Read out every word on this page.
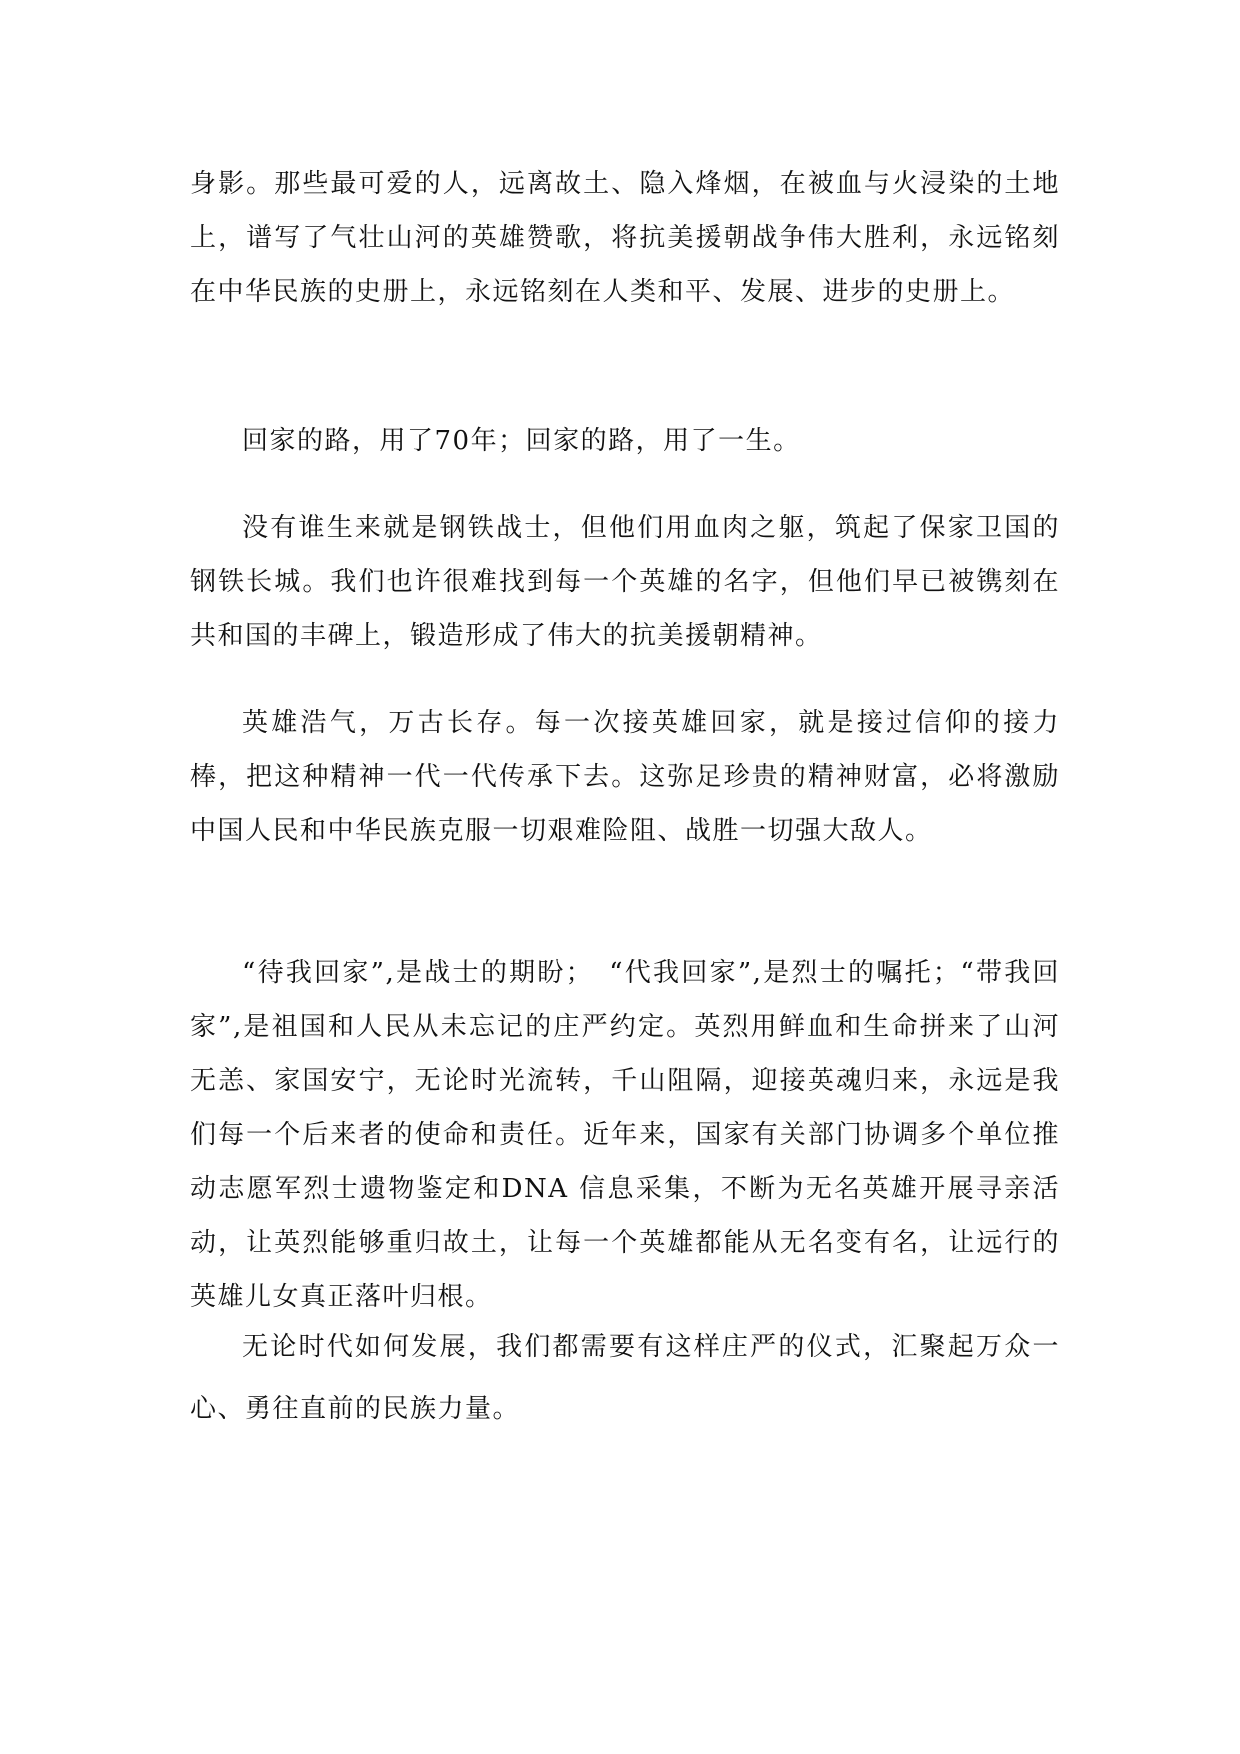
身影。那些最可爱的人，远离故土、隐入烽烟，在被血与火浸染的土地上，谱写了气壮山河的英雄赞歌，将抗美援朝战争伟大胜利，永远铭刻在中华民族的史册上，永远铭刻在人类和平、发展、进步的史册上。

回家的路，用了70年；回家的路，用了一生。

没有谁生来就是钢铁战士，但他们用血肉之躯，筑起了保家卫国的钢铁长城。我们也许很难找到每一个英雄的名字，但他们早已被镌刻在共和国的丰碑上，锻造形成了伟大的抗美援朝精神。

英雄浩气，万古长存。每一次接英雄回家，就是接过信仰的接力棒，把这种精神一代一代传承下去。这弥足珍贵的精神财富，必将激励中国人民和中华民族克服一切艰难险阻、战胜一切强大敌人。

“待我回家”,是战士的期盼；　“代我回家”,是烈士的嘱托；“带我回家”,是祖国和人民从未忘记的庄严约定。英烈用鲜血和生命拼来了山河无恙、家国安宁，无论时光流转，千山阻隔，迎接英魂归来，永远是我们每一个后来者的使命和责任。近年来，国家有关部门协调多个单位推动志愿军烈士遗物鉴定和DNA 信息采集，不断为无名英雄开展寻亲活动，让英烈能够重归故土，让每一个英雄都能从无名变有名，让远行的英雄儿女真正落叶归根。

无论时代如何发展，我们都需要有这样庄严的仪式，汇聚起万众一心、勇往直前的民族力量。
